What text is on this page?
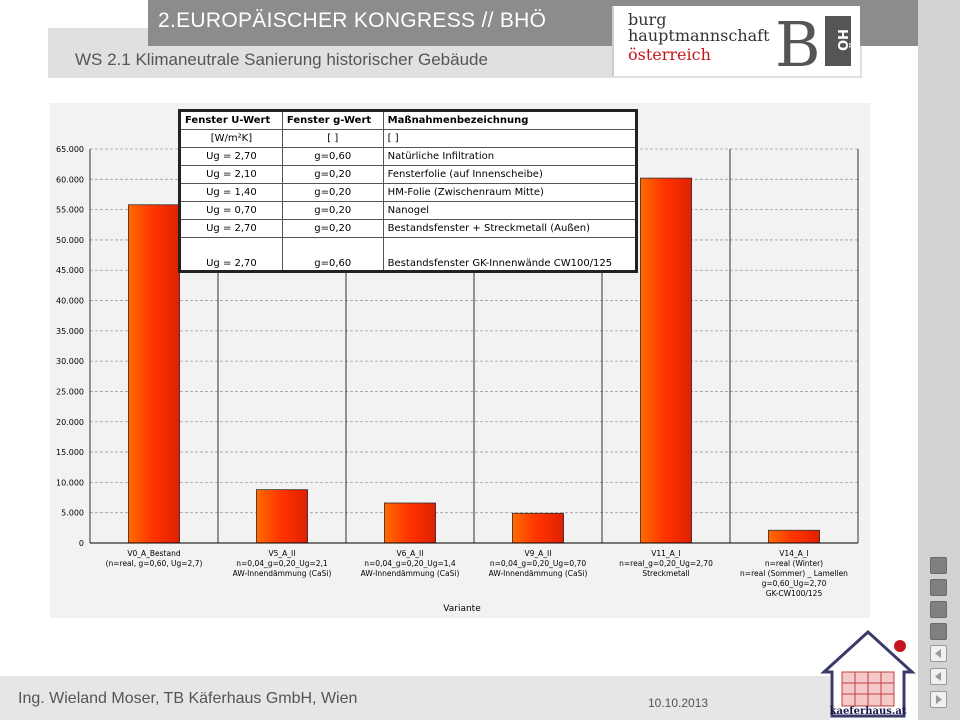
2.EUROPÄISCHER KONGRESS // BHÖ
WS 2.1 Klimaneutrale Sanierung historischer Gebäude
burg
hauptmannschaft
österreich B HÖ
0
5.000
10.000
15.000
20.000
25.000
30.000
35.000
40.000
45.000
50.000
55.000
60.000
65.000
V0_A_Bestand
(n=real, g=0,60, Ug=2,7)
V5_A_II
n=0,04_g=0,20_Ug=2,1
AW-Innendämmung (CaSi)
V6_A_II
n=0,04_g=0,20_Ug=1,4
AW-Innendämmung (CaSi)
V9_A_II
n=0,04_g=0,20_Ug=0,70
AW-Innendämmung (CaSi)
V11_A_I
n=real_g=0,20_Ug=2,70
Streckmetall
V14_A_I
n=real (Winter)
n=real (Sommer) _ Lamellen
g=0,60_Ug=2,70
GK-CW100/125
Variante
Fenster U-Wert	Fenster g-Wert	Maßnahmenbezeichnung
[W/m²K]	[ ]	[ ]
Ug = 2,70	g=0,60	Natürliche Infiltration
Ug = 2,10	g=0,20	Fensterfolie (auf Innenscheibe)
Ug = 1,40	g=0,20	HM-Folie (Zwischenraum Mitte)
Ug = 0,70	g=0,20	Nanogel
Ug = 2,70	g=0,20	Bestandsfenster + Streckmetall (Außen)
Ug = 2,70	g=0,60	Bestandsfenster GK-Innenwände CW100/125
Ing. Wieland Moser, TB Käferhaus GmbH, Wien	10.10.2013
kaeferhaus.at
